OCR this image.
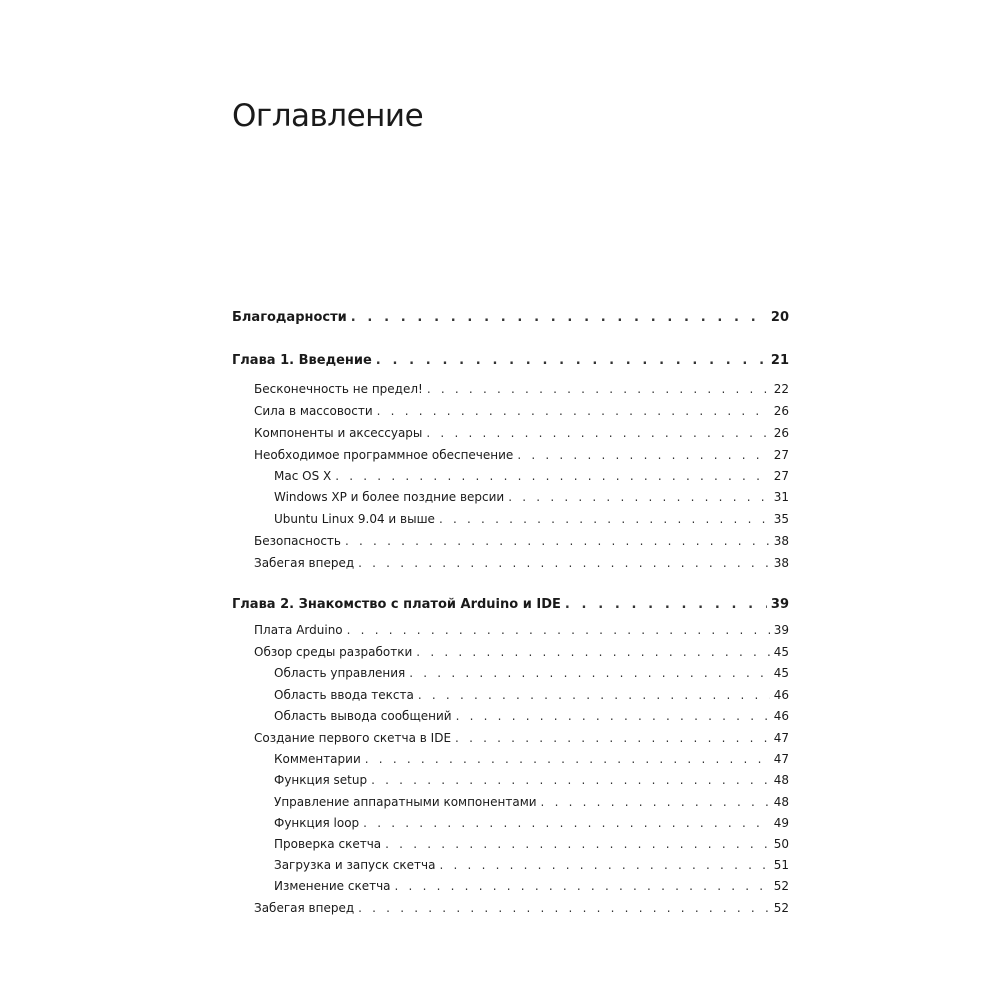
Оглавление
Благодарности . . .	20
Глава 1. Введение . . .	21
Бесконечность не предел! . . .	22
Сила в массовости . . .	26
Компоненты и аксессуары . . .	26
Необходимое программное обеспечение . . .	27
Mac OS X . . .	27
Windows XP и более поздние версии . . .	31
Ubuntu Linux 9.04 и выше . . .	35
Безопасность . . .	38
Забегая вперед . . .	38
Глава 2. Знакомство с платой Arduino и IDE . . .	39
Плата Arduino . . .	39
Обзор среды разработки . . .	45
Область управления . . .	45
Область ввода текста . . .	46
Область вывода сообщений . . .	46
Создание первого скетча в IDE . . .	47
Комментарии . . .	47
Функция setup . . .	48
Управление аппаратными компонентами . . .	48
Функция loop . . .	49
Проверка скетча . . .	50
Загрузка и запуск скетча . . .	51
Изменение скетча . . .	52
Забегая вперед . . .	52
